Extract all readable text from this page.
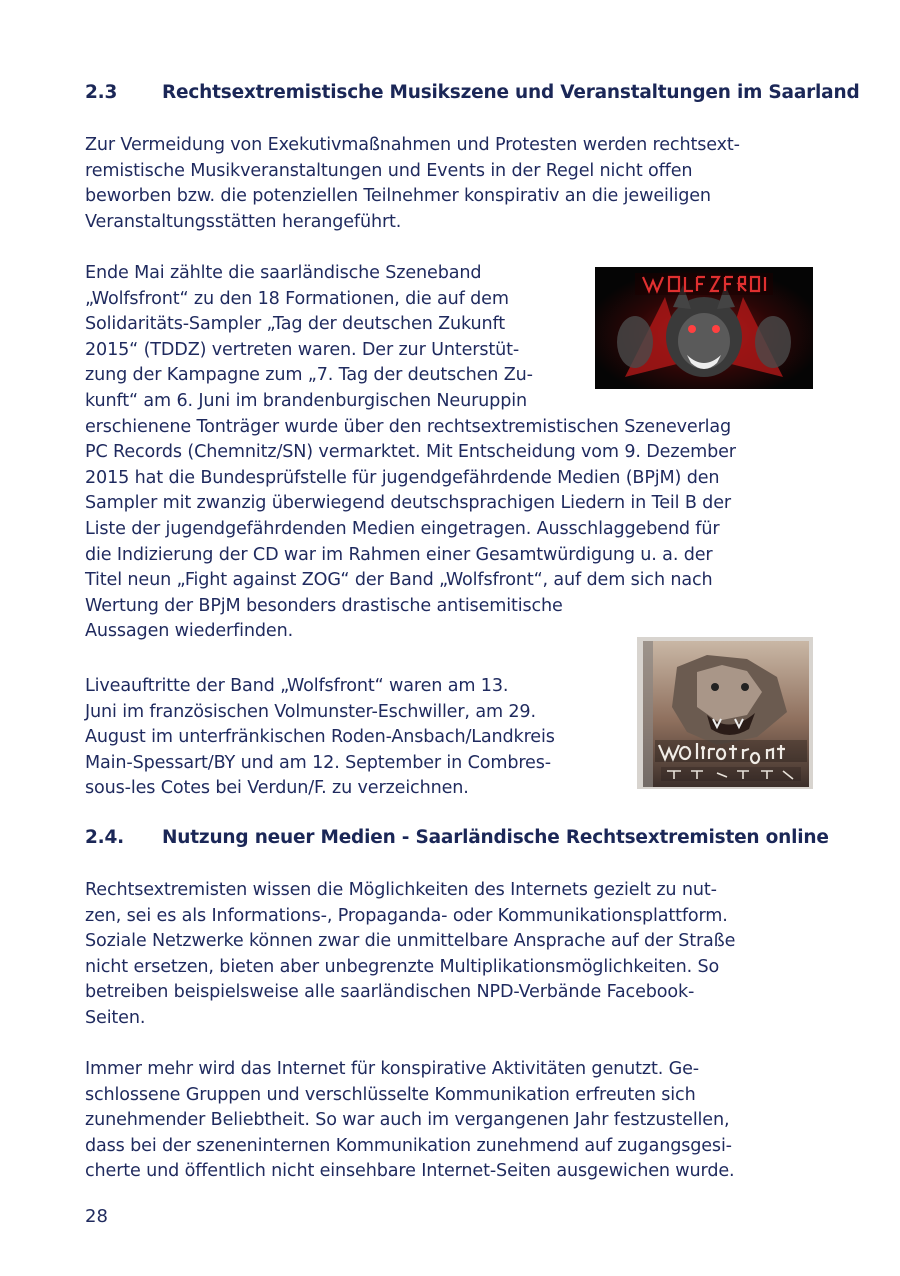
2.3 Rechtsextremistische Musikszene und Veranstaltungen im Saarland
Zur Vermeidung von Exekutivmaßnahmen und Protesten werden rechtsext-
remistische Musikveranstaltungen und Events in der Regel nicht offen
beworben bzw. die potenziellen Teilnehmer konspirativ an die jeweiligen
Veranstaltungsstätten herangeführt.
Ende Mai zählte die saarländische Szeneband
„Wolfsfront“ zu den 18 Formationen, die auf dem
Solidaritäts-Sampler „Tag der deutschen Zukunft
2015“ (TDDZ) vertreten waren. Der zur Unterstüt-
zung der Kampagne zum „7. Tag der deutschen Zu-
kunft“ am 6. Juni im brandenburgischen Neuruppin
erschienene Tonträger wurde über den rechtsextremistischen Szeneverlag
PC Records (Chemnitz/SN) vermarktet. Mit Entscheidung vom 9. Dezember
2015 hat die Bundesprüfstelle für jugendgefährdende Medien (BPjM) den
Sampler mit zwanzig überwiegend deutschsprachigen Liedern in Teil B der
Liste der jugendgefährdenden Medien eingetragen. Ausschlaggebend für
die Indizierung der CD war im Rahmen einer Gesamtwürdigung u. a. der
Titel neun „Fight against ZOG“ der Band „Wolfsfront“, auf dem sich nach
Wertung der BPjM besonders drastische antisemitische
Aussagen wiederfinden.
Liveauftritte der Band „Wolfsfront“ waren am 13.
Juni im französischen Volmunster-Eschwiller, am 29.
August im unterfränkischen Roden-Ansbach/Landkreis
Main-Spessart/BY und am 12. September in Combres-
sous-les Cotes bei Verdun/F. zu verzeichnen.
2.4. Nutzung neuer Medien - Saarländische Rechtsextremisten online
Rechtsextremisten wissen die Möglichkeiten des Internets gezielt zu nut-
zen, sei es als Informations-, Propaganda- oder Kommunikationsplattform.
Soziale Netzwerke können zwar die unmittelbare Ansprache auf der Straße
nicht ersetzen, bieten aber unbegrenzte Multiplikationsmöglichkeiten. So
betreiben beispielsweise alle saarländischen NPD-Verbände Facebook-
Seiten.
Immer mehr wird das Internet für konspirative Aktivitäten genutzt. Ge-
schlossene Gruppen und verschlüsselte Kommunikation erfreuten sich
zunehmender Beliebtheit. So war auch im vergangenen Jahr festzustellen,
dass bei der szeneninternen Kommunikation zunehmend auf zugangsgesi-
cherte und öffentlich nicht einsehbare Internet-Seiten ausgewichen wurde.
28
